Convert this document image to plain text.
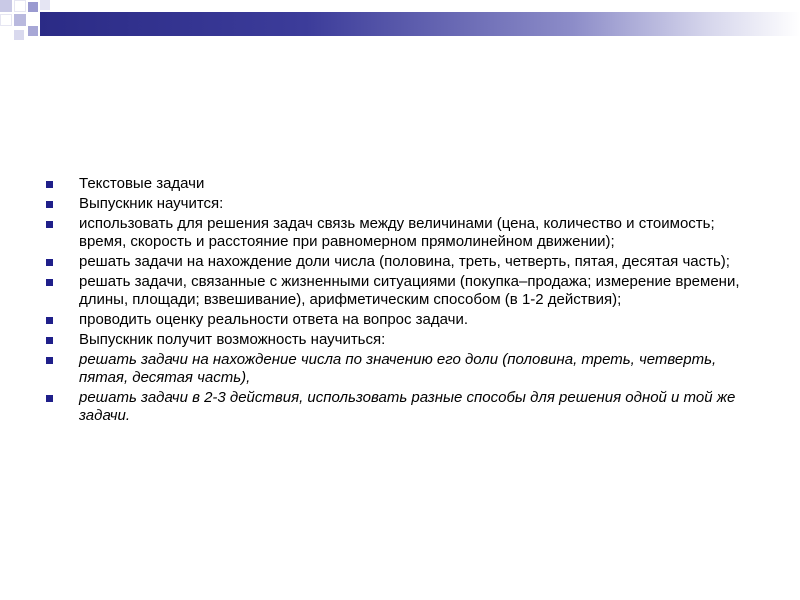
Текстовые задачи
Выпускник научится:
использовать для решения задач связь между величинами (цена, количество и стоимость; время, скорость и расстояние при равномерном прямолинейном движении);
решать задачи на нахождение доли числа (половина, треть, четверть, пятая, десятая часть);
решать задачи, связанные с жизненными ситуациями (покупка–продажа; измерение времени, длины, площади; взвешивание), арифметическим способом (в 1-2 действия);
проводить оценку реальности ответа на вопрос задачи.
Выпускник получит возможность научиться:
решать задачи на нахождение числа по значению его доли (половина, треть, четверть, пятая, десятая часть),
решать задачи в 2-3 действия, использовать разные способы для решения одной и той же задачи.
